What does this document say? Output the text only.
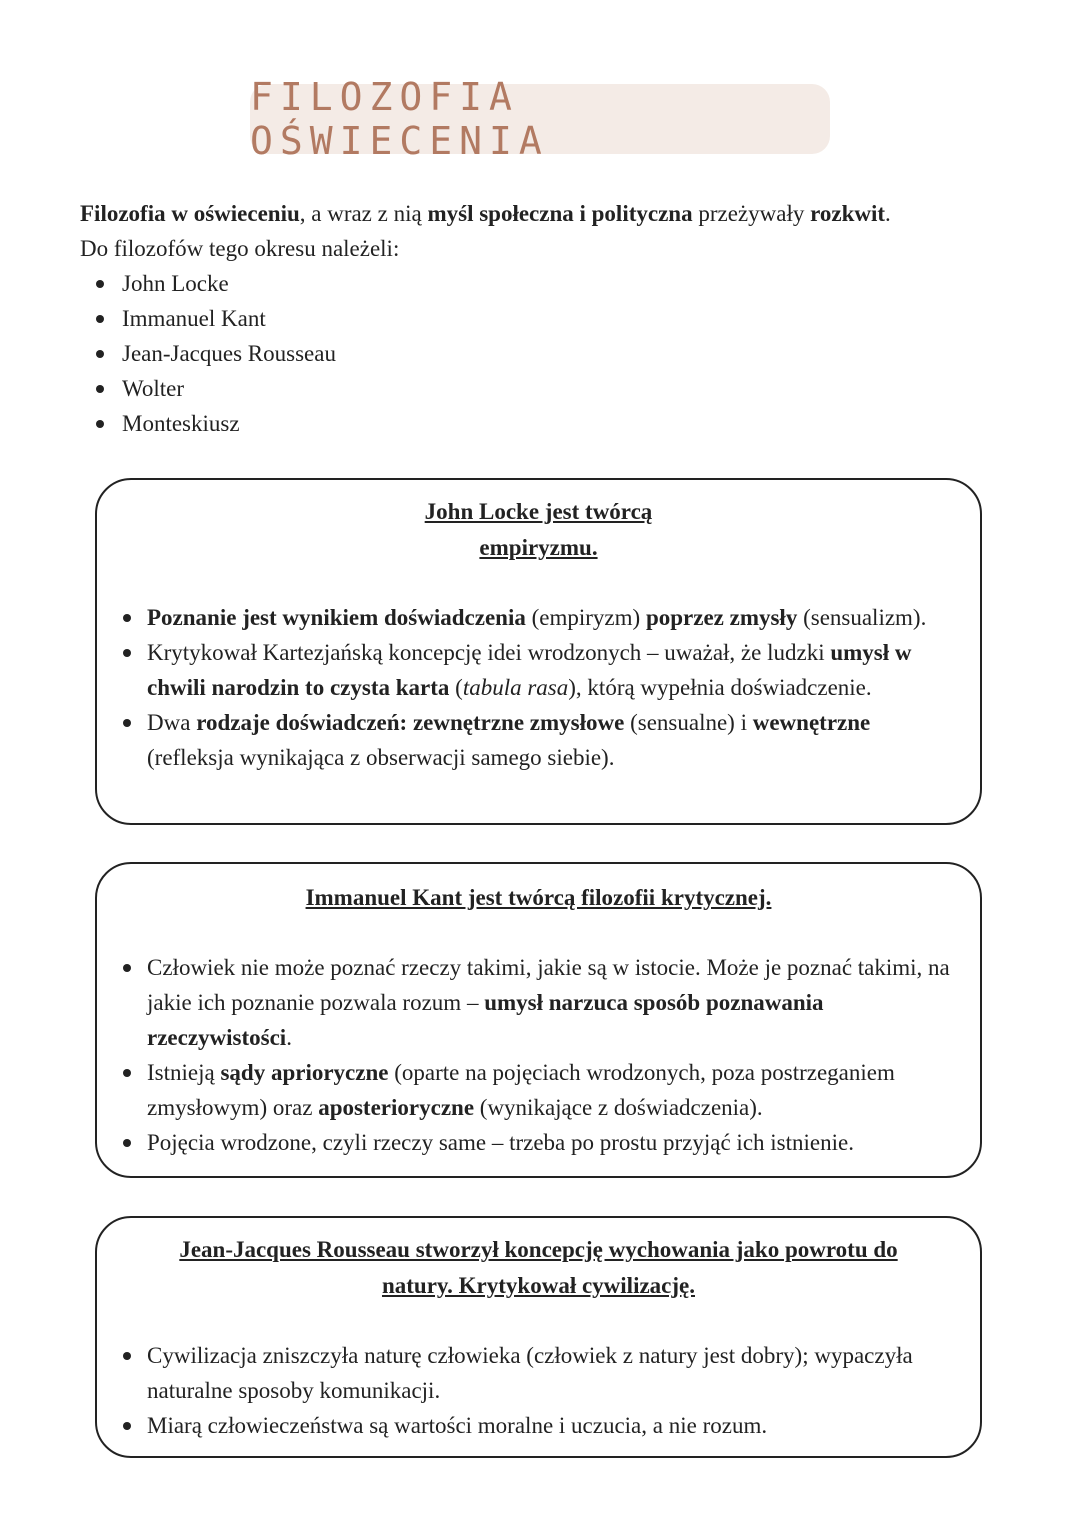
FILOZOFIA OŚWIECENIA

Filozofia w oświeceniu, a wraz z nią myśl społeczna i polityczna przeżywały rozkwit.

Do filozofów tego okresu należeli:

John Locke
Immanuel Kant
Jean-Jacques Rousseau
Wolter
Monteskiusz
John Locke jest twórcą
empiryzmu.
Poznanie jest wynikiem doświadczenia (empiryzm) poprzez zmysły (sensualizm).
Krytykował Kartezjańską koncepcję idei wrodzonych – uważał, że ludzki umysł w chwili narodzin to czysta karta (tabula rasa), którą wypełnia doświadczenie.
Dwa rodzaje doświadczeń: zewnętrzne zmysłowe (sensualne) i wewnętrzne (refleksja wynikająca z obserwacji samego siebie).
Immanuel Kant jest twórcą filozofii krytycznej.
Człowiek nie może poznać rzeczy takimi, jakie są w istocie. Może je poznać takimi, na jakie ich poznanie pozwala rozum – umysł narzuca sposób poznawania rzeczywistości.
Istnieją sądy aprioryczne (oparte na pojęciach wrodzonych, poza postrzeganiem zmysłowym) oraz aposterioryczne (wynikające z doświadczenia).
Pojęcia wrodzone, czyli rzeczy same – trzeba po prostu przyjąć ich istnienie.
Jean-Jacques Rousseau stworzył koncepcję wychowania jako powrotu do
natury. Krytykował cywilizację.
Cywilizacja zniszczyła naturę człowieka (człowiek z natury jest dobry); wypaczyła naturalne sposoby komunikacji.
Miarą człowieczeństwa są wartości moralne i uczucia, a nie rozum.
